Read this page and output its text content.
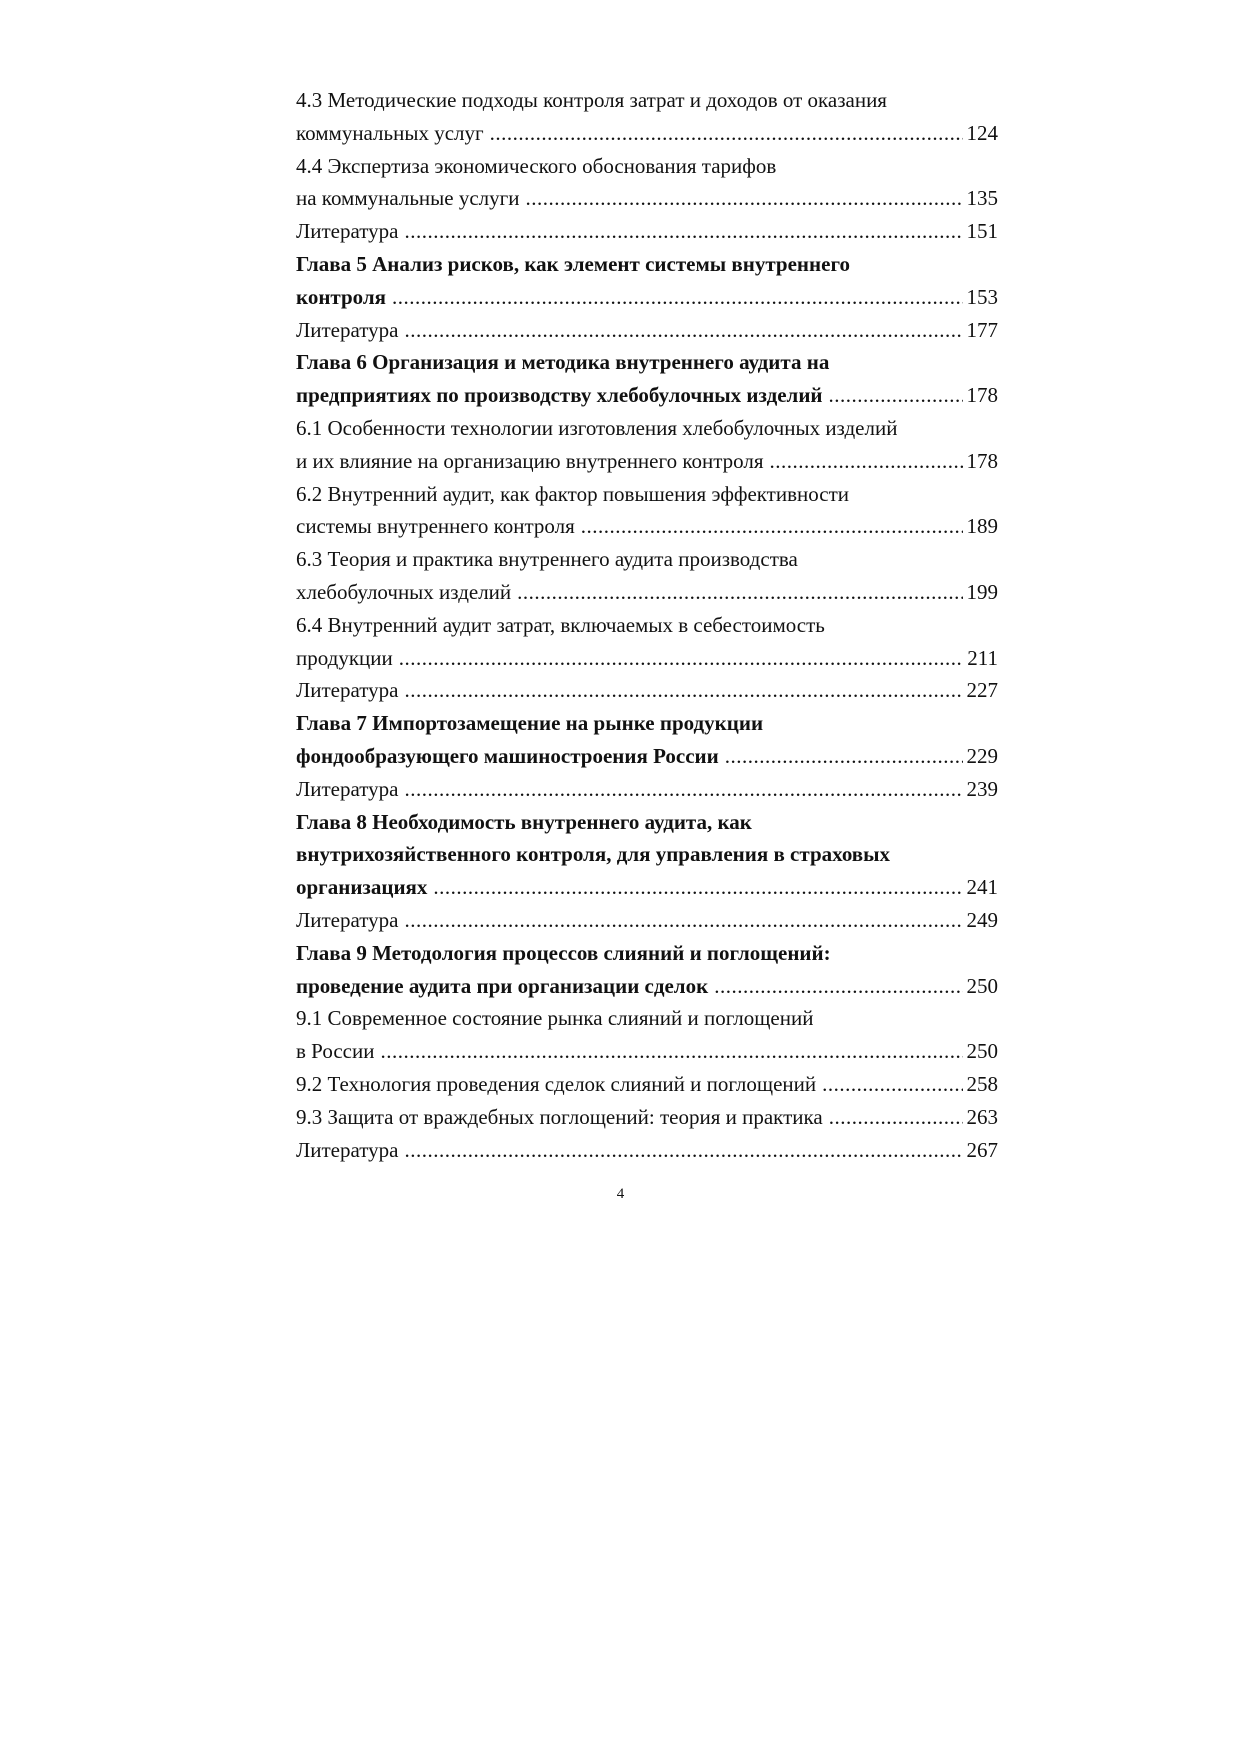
4.3 Методические подходы контроля затрат и доходов от оказания
коммунальных услуг .....	124
4.4 Экспертиза экономического обоснования тарифов
на коммунальные услуги .....	135
Литература .....	151
Глава 5 Анализ рисков, как элемент системы внутреннего
контроля .....	153
Литература .....	177
Глава 6 Организация и методика внутреннего аудита на
предприятиях по производству хлебобулочных изделий .....	178
6.1 Особенности технологии изготовления хлебобулочных изделий
и их влияние на организацию внутреннего контроля .....	178
6.2 Внутренний аудит, как фактор повышения эффективности
системы внутреннего контроля .....	189
6.3 Теория и практика внутреннего аудита производства
хлебобулочных изделий .....	199
6.4 Внутренний аудит затрат, включаемых в себестоимость
продукции .....	211
Литература .....	227
Глава 7 Импортозамещение на рынке продукции
фондообразующего машиностроения России .....	229
Литература .....	239
Глава 8 Необходимость внутреннего аудита, как
внутрихозяйственного контроля, для управления в страховых
организациях .....	241
Литература .....	249
Глава 9 Методология процессов слияний и поглощений:
проведение аудита при организации сделок .....	250
9.1 Современное состояние рынка слияний и поглощений
в России .....	250
9.2 Технология проведения сделок слияний и поглощений .....	258
9.3 Защита от враждебных поглощений: теория и практика .....	263
Литература .....	267
4
